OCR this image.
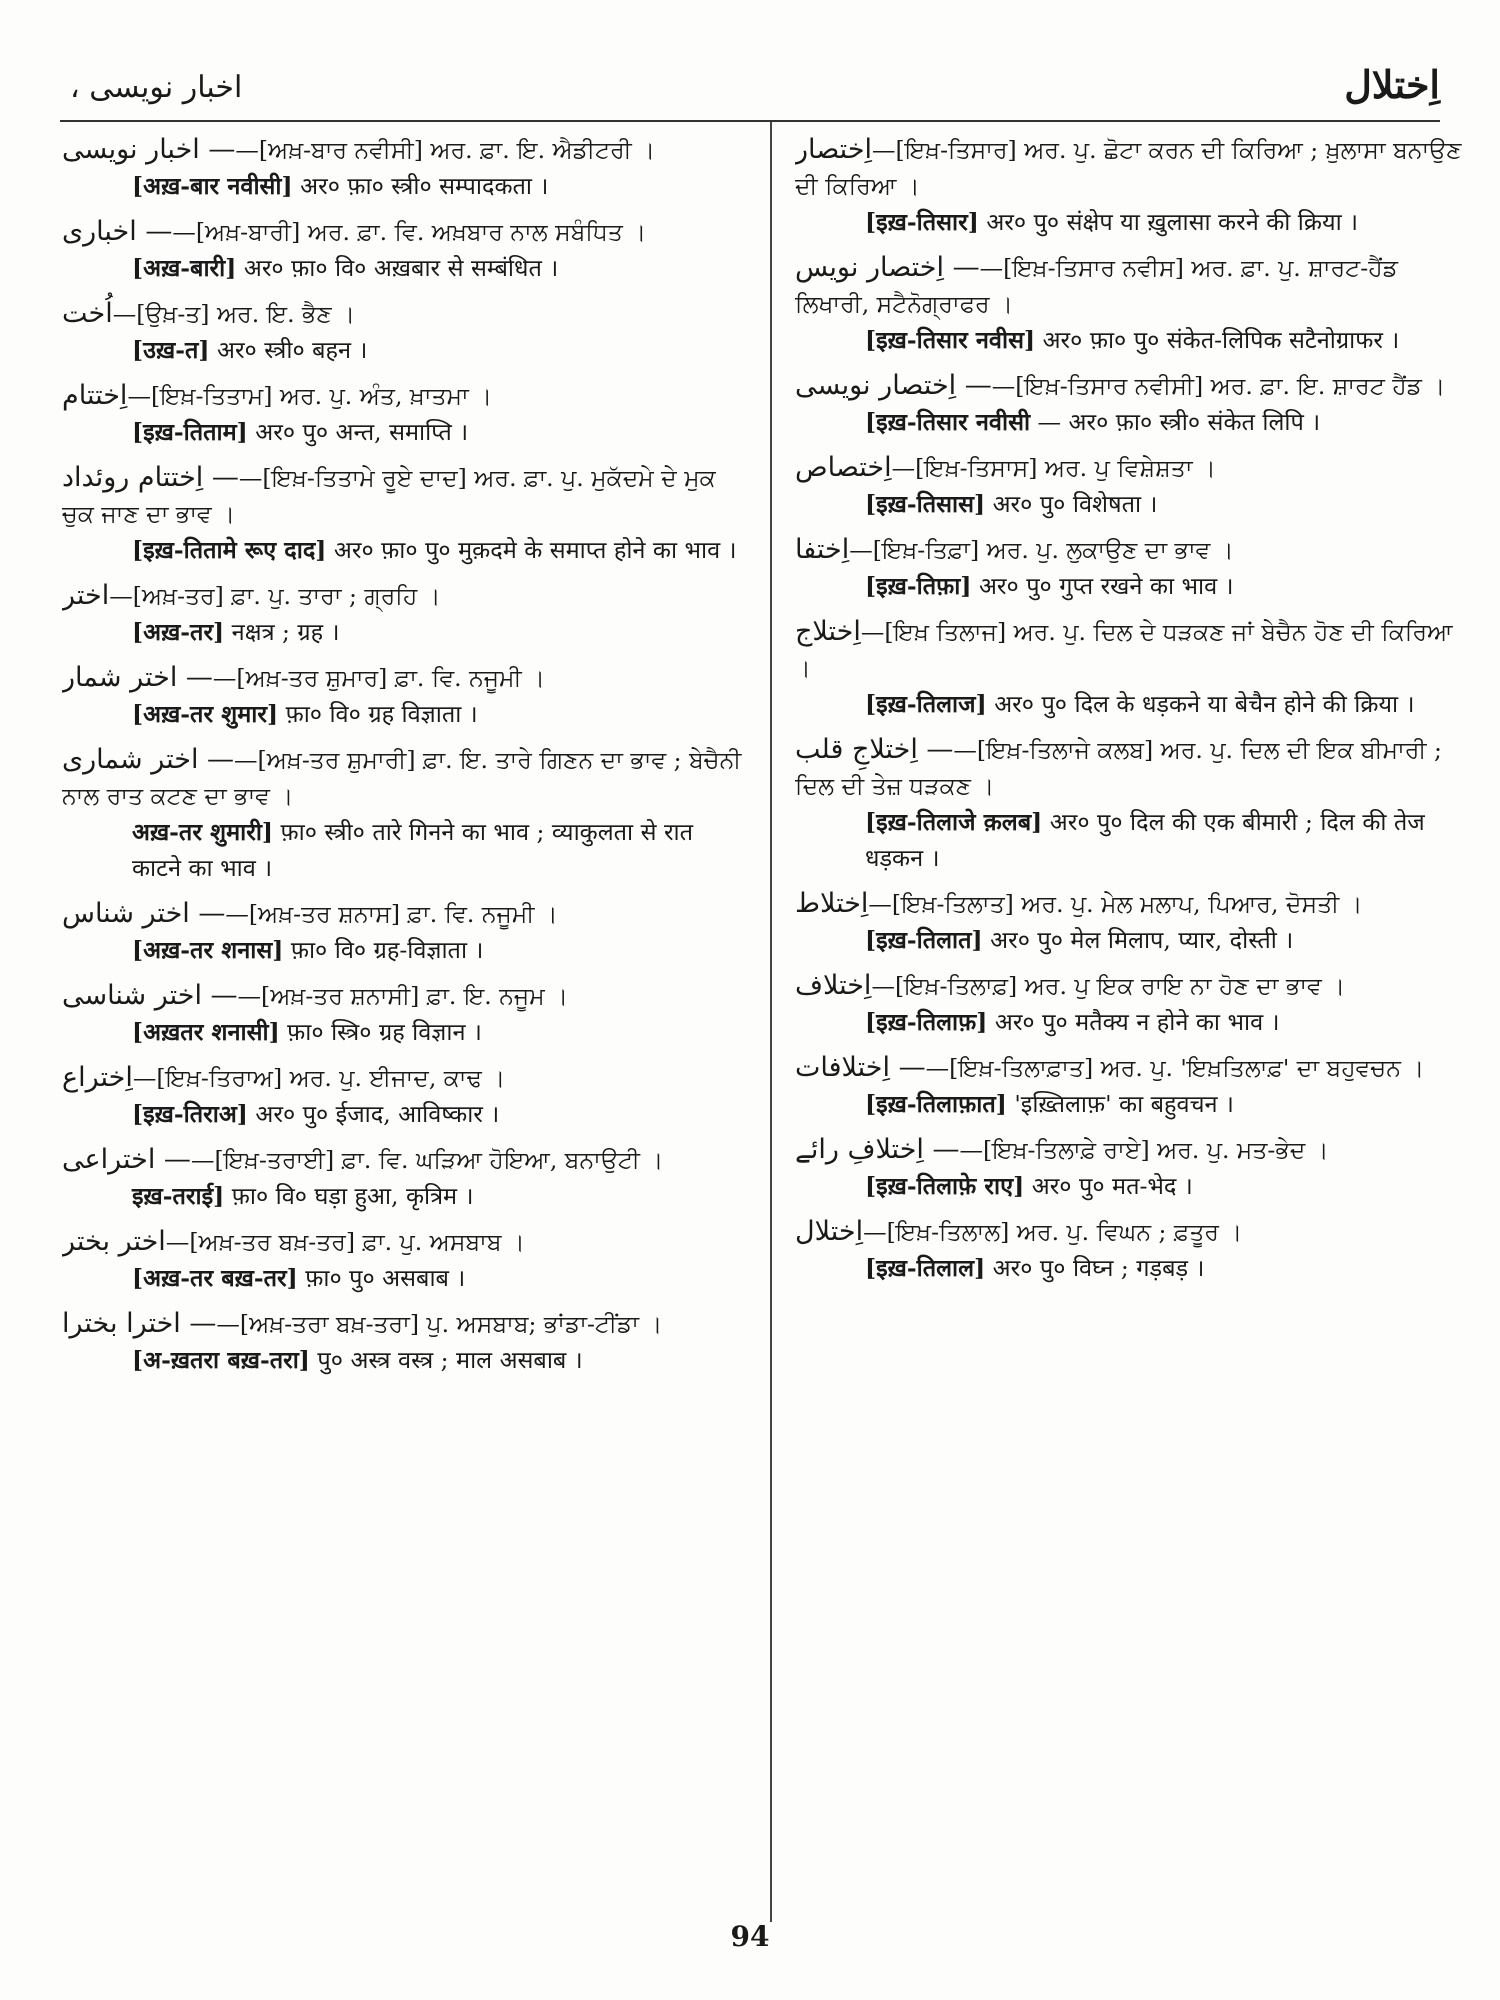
اخبار نویسی ،	اِختلال
— اخبار نویسی—[ਅਖ਼-ਬਾਰ ਨਵੀਸੀ] ਅਰ. ਫ਼ਾ. ਇ. ਐਡੀਟਰੀ ।
[अख़-बार नवीसी] अर० फ़ा० स्त्री० सम्पादकता ।
— اخباری—[ਅਖ਼-ਬਾਰੀ] ਅਰ. ਫ਼ਾ. ਵਿ. ਅਖ਼ਬਾਰ ਨਾਲ ਸਬੰਧਿਤ ।
[अख़-बारी] अर० फ़ा० वि० अख़बार से सम्बंधित ।
اُخت—[ਉਖ਼-ਤ] ਅਰ. ਇ. ਭੈਣ ।
[उख़-त] अर० स्त्री० बहन ।
اِختتام—[ਇਖ਼-ਤਿਤਾਮ] ਅਰ. ਪੁ. ਅੰਤ, ਖ਼ਾਤਮਾ ।
[इख़-तिताम] अर० पु० अन्त, समाप्ति ।
— اِختتام روئداد—[ਇਖ਼-ਤਿਤਾਮੇ ਰੂਏ ਦਾਦ] ਅਰ. ਫ਼ਾ. ਪੁ. ਮੁਕੱਦਮੇ ਦੇ ਮੁਕ ਚੁਕ ਜਾਣ ਦਾ ਭਾਵ ।
[इख़-तितामे रूए दाद] अर० फ़ा० पु० मुक़दमे के समाप्त होने का भाव ।
اختر—[ਅਖ਼-ਤਰ] ਫ਼ਾ. ਪੁ. ਤਾਰਾ ; ਗ੍ਰਹਿ ।
[अख़-तर] नक्षत्र ; ग्रह ।
— اختر شمار—[ਅਖ਼-ਤਰ ਸ਼ੁਮਾਰ] ਫ਼ਾ. ਵਿ. ਨਜੂਮੀ ।
[अख़-तर शुमार] फ़ा० वि० ग्रह विज्ञाता ।
— اختر شماری—[ਅਖ਼-ਤਰ ਸ਼ੁਮਾਰੀ] ਫ਼ਾ. ਇ. ਤਾਰੇ ਗਿਣਨ ਦਾ ਭਾਵ ; ਬੇਚੈਨੀ ਨਾਲ ਰਾਤ ਕਟਣ ਦਾ ਭਾਵ ।
अख़-तर शुमारी] फ़ा० स्त्री० तारे गिनने का भाव ; व्याकुलता से रात काटने का भाव ।
— اختر شناس—[ਅਖ਼-ਤਰ ਸ਼ਨਾਸ] ਫ਼ਾ. ਵਿ. ਨਜੂਮੀ ।
[अख़-तर शनास] फ़ा० वि० ग्रह-विज्ञाता ।
— اختر شناسی—[ਅਖ਼-ਤਰ ਸ਼ਨਾਸੀ] ਫ਼ਾ. ਇ. ਨਜੂਮ ।
[अख़तर शनासी] फ़ा० स्त्रि० ग्रह विज्ञान ।
اِختراع—[ਇਖ਼-ਤਿਰਾਅ] ਅਰ. ਪੁ. ਈਜਾਦ, ਕਾਢ ।
[इख़-तिराअ] अर० पु० ईजाद, आविष्कार ।
— اختراعی—[ਇਖ਼-ਤਰਾਈ] ਫ਼ਾ. ਵਿ. ਘੜਿਆ ਹੋਇਆ, ਬਨਾਉਟੀ ।
इख़-तराई] फ़ा० वि० घड़ा हुआ, कृत्रिम ।
اختر بختر—[ਅਖ਼-ਤਰ ਬਖ਼-ਤਰ] ਫ਼ਾ. ਪੁ. ਅਸਬਾਬ ।
[अख़-तर बख़-तर] फ़ा० पु० असबाब ।
— اخترا بخترا—[ਅਖ਼-ਤਰਾ ਬਖ਼-ਤਰਾ] ਪੁ. ਅਸਬਾਬ; ਭਾਂਡਾ-ਟੀਂਡਾ ।
[अ-ख़तरा बख़-तरा] पु० अस्त्र वस्त्र ; माल असबाब ।
اِختصار—[ਇਖ਼-ਤਿਸਾਰ] ਅਰ. ਪੁ. ਛੋਟਾ ਕਰਨ ਦੀ ਕਿਰਿਆ ; ਖ਼ੁਲਾਸਾ ਬਨਾਉਣ ਦੀ ਕਿਰਿਆ ।
[इख़-तिसार] अर० पु० संक्षेप या ख़ुलासा करने की क्रिया ।
— اِختصار نویس—[ਇਖ਼-ਤਿਸਾਰ ਨਵੀਸ] ਅਰ. ਫ਼ਾ. ਪੁ. ਸ਼ਾਰਟ-ਹੈਂਡ ਲਿਖਾਰੀ, ਸਟੈਨੋਗ੍ਰਾਫਰ ।
[इख़-तिसार नवीस] अर० फ़ा० पु० संकेत-लिपिक सटैनोग्राफर ।
— اِختصار نویسی—[ਇਖ਼-ਤਿਸਾਰ ਨਵੀਸੀ] ਅਰ. ਫ਼ਾ. ਇ. ਸ਼ਾਰਟ ਹੈਂਡ ।
[इख़-तिसार नवीसी — अर० फ़ा० स्त्री० संकेत लिपि ।
اِختصاص—[ਇਖ਼-ਤਿਸਾਸ] ਅਰ. ਪੁ ਵਿਸ਼ੇਸ਼ਤਾ ।
[इख़-तिसास] अर० पु० विशेषता ।
اِختفا—[ਇਖ਼-ਤਿਫ਼ਾ] ਅਰ. ਪੁ. ਲੁਕਾਉਣ ਦਾ ਭਾਵ ।
[इख़-तिफ़ा] अर० पु० गुप्त रखने का भाव ।
اِختلاج—[ਇਖ਼ ਤਿਲਾਜ] ਅਰ. ਪੁ. ਦਿਲ ਦੇ ਧੜਕਣ ਜਾਂ ਬੇਚੈਨ ਹੋਣ ਦੀ ਕਿਰਿਆ ।
[इख़-तिलाज] अर० पु० दिल के धड़कने या बेचैन होने की क्रिया ।
— اِختلاجِ قلب—[ਇਖ਼-ਤਿਲਾਜੇ ਕਲਬ] ਅਰ. ਪੁ. ਦਿਲ ਦੀ ਇਕ ਬੀਮਾਰੀ ; ਦਿਲ ਦੀ ਤੇਜ਼ ਧੜਕਣ ।
[इख़-तिलाजे क़लब] अर० पु० दिल की एक बीमारी ; दिल की तेज धड़कन ।
اِختلاط—[ਇਖ਼-ਤਿਲਾਤ] ਅਰ. ਪੁ. ਮੇਲ ਮਲਾਪ, ਪਿਆਰ, ਦੋਸਤੀ ।
[इख़-तिलात] अर० पु० मेल मिलाप, प्यार, दोस्ती ।
اِختلاف—[ਇਖ਼-ਤਿਲਾਫ਼] ਅਰ. ਪੁ ਇਕ ਰਾਇ ਨਾ ਹੋਣ ਦਾ ਭਾਵ ।
[इख़-तिलाफ़] अर० पु० मतैक्य न होने का भाव ।
— اِختلافات—[ਇਖ਼-ਤਿਲਾਫ਼ਾਤ] ਅਰ. ਪੁ. 'ਇਖ਼ਤਿਲਾਫ਼' ਦਾ ਬਹੁਵਚਨ ।
[इख़-तिलाफ़ात] 'इख़्तिलाफ़' का बहुवचन ।
— اِختلافِ رائے—[ਇਖ਼-ਤਿਲਾਫ਼ੇ ਰਾਏ] ਅਰ. ਪੁ. ਮਤ-ਭੇਦ ।
[इख़-तिलाफ़े राए] अर० पु० मत-भेद ।
اِختلال—[ਇਖ਼-ਤਿਲਾਲ] ਅਰ. ਪੁ. ਵਿਘਨ ; ਫ਼ਤੂਰ ।
[इख़-तिलाल] अर० पु० विघ्न ; गड़बड़ ।
94
